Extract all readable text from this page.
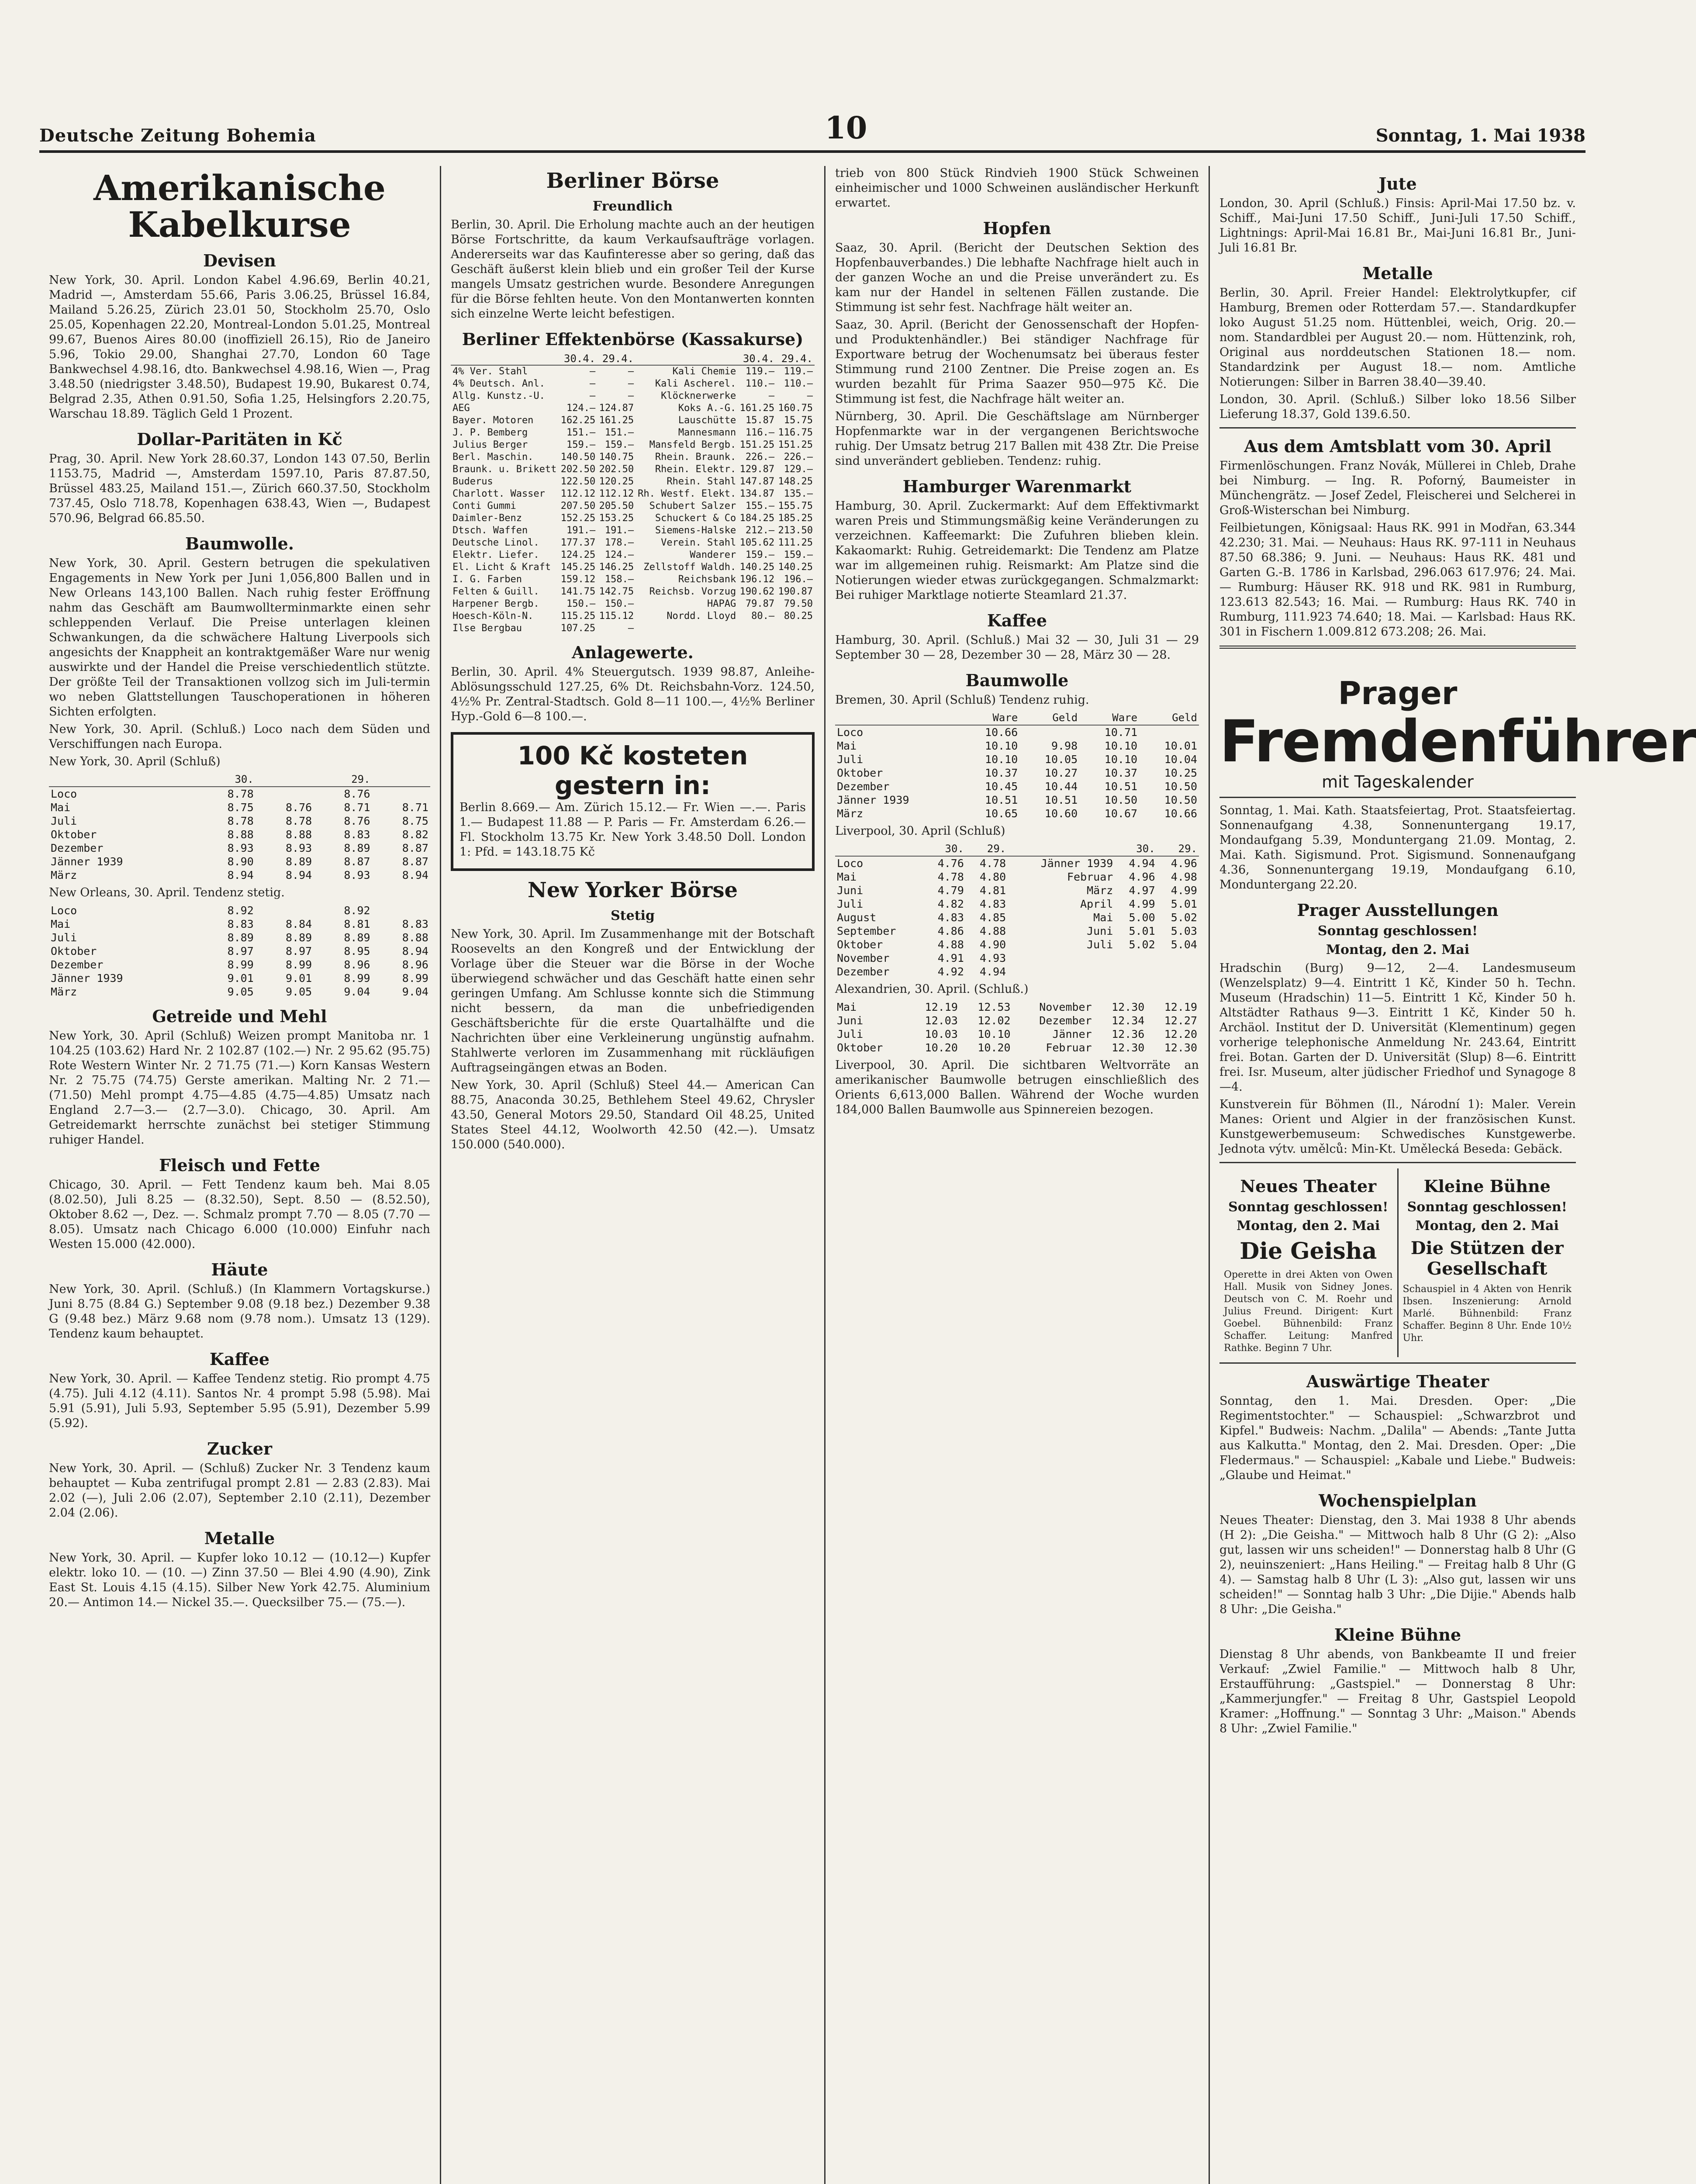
Deutsche Zeitung Bohemia	10	Sonntag, 1. Mai 1938
Amerikanische Kabelkurse
Devisen

New York, 30. April. London Kabel 4.96.69, Berlin 40.21, Madrid —, Amsterdam 55.66, Paris 3.06.25, Brüssel 16.84, Mailand 5.26.25, Zürich 23.01 50, Stockholm 25.70, Oslo 25.05, Kopenhagen 22.20, Montreal-London 5.01.25, Montreal 99.67, Buenos Aires 80.00 (inoffiziell 26.15), Rio de Janeiro 5.96, Tokio 29.00, Shanghai 27.70, London 60 Tage Bankwechsel 4.98.16, dto. Bankwechsel 4.98.16, Wien —, Prag 3.48.50 (niedrigster 3.48.50), Budapest 19.90, Bukarest 0.74, Belgrad 2.35, Athen 0.91.50, Sofia 1.25, Helsingfors 2.20.75, Warschau 18.89. Täglich Geld 1 Prozent.

Dollar-Paritäten in Kč

Prag, 30. April. New York 28.60.37, London 143 07.50, Berlin 1153.75, Madrid —, Amsterdam 1597.10, Paris 87.87.50, Brüssel 483.25, Mailand 151.—, Zürich 660.37.50, Stockholm 737.45, Oslo 718.78, Kopenhagen 638.43, Wien —, Budapest 570.96, Belgrad 66.85.50.

Baumwolle.

New York, 30. April. Gestern betrugen die spekulativen Engagements in New York per Juni 1,056,800 Ballen und in New Orleans 143,100 Ballen. Nach ruhig fester Eröffnung nahm das Geschäft am Baumwollterminmarkte einen sehr schleppenden Verlauf. Die Preise unterlagen kleinen Schwankungen, da die schwächere Haltung Liverpools sich angesichts der Knappheit an kontraktgemäßer Ware nur wenig auswirkte und der Handel die Preise verschiedentlich stützte. Der größte Teil der Transaktionen vollzog sich im Juli-termin wo neben Glattstellungen Tauschoperationen in höheren Sichten erfolgten.

New York, 30. April. (Schluß.) Loco nach dem Süden und Verschiffungen nach Europa.

New York, 30. April (Schluß)

	30.		29.	
Loco	8.78		8.76	
Mai	8.75	8.76	8.71	8.71
Juli	8.78	8.78	8.76	8.75
Oktober	8.88	8.88	8.83	8.82
Dezember	8.93	8.93	8.89	8.87
Jänner 1939	8.90	8.89	8.87	8.87
März	8.94	8.94	8.93	8.94

New Orleans, 30. April. Tendenz stetig.

Loco	8.92		8.92	
Mai	8.83	8.84	8.81	8.83
Juli	8.89	8.89	8.89	8.88
Oktober	8.97	8.97	8.95	8.94
Dezember	8.99	8.99	8.96	8.96
Jänner 1939	9.01	9.01	8.99	8.99
März	9.05	9.05	9.04	9.04
Getreide und Mehl

New York, 30. April (Schluß) Weizen prompt Manitoba nr. 1 104.25 (103.62) Hard Nr. 2 102.87 (102.—) Nr. 2 95.62 (95.75) Rote Western Winter Nr. 2 71.75 (71.—) Korn Kansas Western Nr. 2 75.75 (74.75) Gerste amerikan. Malting Nr. 2 71.— (71.50) Mehl prompt 4.75—4.85 (4.75—4.85) Umsatz nach England 2.7—3.— (2.7—3.0). Chicago, 30. April. Am Getreidemarkt herrschte zunächst bei stetiger Stimmung ruhiger Handel.

Fleisch und Fette

Chicago, 30. April. — Fett Tendenz kaum beh. Mai 8.05 (8.02.50), Juli 8.25 — (8.32.50), Sept. 8.50 — (8.52.50), Oktober 8.62 —, Dez. —. Schmalz prompt 7.70 — 8.05 (7.70 — 8.05). Umsatz nach Chicago 6.000 (10.000) Einfuhr nach Westen 15.000 (42.000).

Häute

New York, 30. April. (Schluß.) (In Klammern Vortagskurse.) Juni 8.75 (8.84 G.) September 9.08 (9.18 bez.) Dezember 9.38 G (9.48 bez.) März 9.68 nom (9.78 nom.). Umsatz 13 (129). Tendenz kaum behauptet.

Kaffee

New York, 30. April. — Kaffee Tendenz stetig. Rio prompt 4.75 (4.75). Juli 4.12 (4.11). Santos Nr. 4 prompt 5.98 (5.98). Mai 5.91 (5.91), Juli 5.93, September 5.95 (5.91), Dezember 5.99 (5.92).

Zucker

New York, 30. April. — (Schluß) Zucker Nr. 3 Tendenz kaum behauptet — Kuba zentrifugal prompt 2.81 — 2.83 (2.83). Mai 2.02 (—), Juli 2.06 (2.07), September 2.10 (2.11), Dezember 2.04 (2.06).

Metalle

New York, 30. April. — Kupfer loko 10.12 — (10.12—) Kupfer elektr. loko 10. — (10. —) Zinn 37.50 — Blei 4.90 (4.90), Zink East St. Louis 4.15 (4.15). Silber New York 42.75. Aluminium 20.— Antimon 14.— Nickel 35.—. Quecksilber 75.— (75.—).

Berliner Börse
Freundlich

Berlin, 30. April. Die Erholung machte auch an der heutigen Börse Fortschritte, da kaum Verkaufsaufträge vorlagen. Andererseits war das Kaufinteresse aber so gering, daß das Geschäft äußerst klein blieb und ein großer Teil der Kurse mangels Umsatz gestrichen wurde. Besondere Anregungen für die Börse fehlten heute. Von den Montanwerten konnten sich einzelne Werte leicht befestigen.

Berliner Effektenbörse (Kassakurse)
	30.4.	29.4.		30.4.	29.4.
4% Ver. Stahl	—	—	Kali Chemie	119.—	119.—
4% Deutsch. Anl.	—	—	Kali Ascherel.	110.—	110.—
Allg. Kunstz.-U.	—	—	Klöcknerwerke	—	—
AEG	124.—	124.87	Koks A.-G.	161.25	160.75
Bayer. Motoren	162.25	161.25	Lauschütte	15.87	15.75
J. P. Bemberg	151.—	151.—	Mannesmann	116.—	116.75
Julius Berger	159.—	159.—	Mansfeld Bergb.	151.25	151.25
Berl. Maschin.	140.50	140.75	Rhein. Braunk.	226.—	226.—
Braunk. u. Brikett	202.50	202.50	Rhein. Elektr.	129.87	129.—
Buderus	122.50	120.25	Rhein. Stahl	147.87	148.25
Charlott. Wasser	112.12	112.12	Rh. Westf. Elekt.	134.87	135.—
Conti Gummi	207.50	205.50	Schubert Salzer	155.—	155.75
Daimler-Benz	152.25	153.25	Schuckert & Co	184.25	185.25
Dtsch. Waffen	191.—	191.—	Siemens-Halske	212.—	213.50
Deutsche Linol.	177.37	178.—	Verein. Stahl	105.62	111.25
Elektr. Liefer.	124.25	124.—	Wanderer	159.—	159.—
El. Licht & Kraft	145.25	146.25	Zellstoff Waldh.	140.25	140.25
I. G. Farben	159.12	158.—	Reichsbank	196.12	196.—
Felten & Guill.	141.75	142.75	Reichsb. Vorzug	190.62	190.87
Harpener Bergb.	150.—	150.—	HAPAG	79.87	79.50
Hoesch-Köln-N.	115.25	115.12	Nordd. Lloyd	80.—	80.25
Ilse Bergbau	107.25	—			
Anlagewerte.

Berlin, 30. April. 4% Steuergutsch. 1939 98.87, Anleihe-Ablösungsschuld 127.25, 6% Dt. Reichsbahn-Vorz. 124.50, 4½% Pr. Zentral-Stadtsch. Gold 8—11 100.—, 4½% Berliner Hyp.-Gold 6—8 100.—.

100 Kč kosteten gestern in:

Berlin 8.669.— Am. Zürich 15.12.— Fr. Wien —.—. Paris 1.— Budapest 11.88 — P. Paris — Fr. Amsterdam 6.26.— Fl. Stockholm 13.75 Kr. New York 3.48.50 Doll. London 1: Pfd. = 143.18.75 Kč

New Yorker Börse
Stetig

New York, 30. April. Im Zusammenhange mit der Botschaft Roosevelts an den Kongreß und der Entwicklung der Vorlage über die Steuer war die Börse in der Woche überwiegend schwächer und das Geschäft hatte einen sehr geringen Umfang. Am Schlusse konnte sich die Stimmung nicht bessern, da man die unbefriedigenden Geschäftsberichte für die erste Quartalhälfte und die Nachrichten über eine Verkleinerung ungünstig aufnahm. Stahlwerte verloren im Zusammenhang mit rückläufigen Auftragseingängen etwas an Boden.

New York, 30. April (Schluß) Steel 44.— American Can 88.75, Anaconda 30.25, Bethlehem Steel 49.62, Chrysler 43.50, General Motors 29.50, Standard Oil 48.25, United States Steel 44.12, Woolworth 42.50 (42.—). Umsatz 150.000 (540.000).

trieb von 800 Stück Rindvieh 1900 Stück Schweinen einheimischer und 1000 Schweinen ausländischer Herkunft erwartet.

Hopfen

Saaz, 30. April. (Bericht der Deutschen Sektion des Hopfenbauverbandes.) Die lebhafte Nachfrage hielt auch in der ganzen Woche an und die Preise unverändert zu. Es kam nur der Handel in seltenen Fällen zustande. Die Stimmung ist sehr fest. Nachfrage hält weiter an.

Saaz, 30. April. (Bericht der Genossenschaft der Hopfen- und Produktenhändler.) Bei ständiger Nachfrage für Exportware betrug der Wochenumsatz bei überaus fester Stimmung rund 2100 Zentner. Die Preise zogen an. Es wurden bezahlt für Prima Saazer 950—975 Kč. Die Stimmung ist fest, die Nachfrage hält weiter an.

Nürnberg, 30. April. Die Geschäftslage am Nürnberger Hopfenmarkte war in der vergangenen Berichtswoche ruhig. Der Umsatz betrug 217 Ballen mit 438 Ztr. Die Preise sind unverändert geblieben. Tendenz: ruhig.

Hamburger Warenmarkt

Hamburg, 30. April. Zuckermarkt: Auf dem Effektivmarkt waren Preis und Stimmungsmäßig keine Veränderungen zu verzeichnen. Kaffeemarkt: Die Zufuhren blieben klein. Kakaomarkt: Ruhig. Getreidemarkt: Die Tendenz am Platze war im allgemeinen ruhig. Reismarkt: Am Platze sind die Notierungen wieder etwas zurückgegangen. Schmalzmarkt: Bei ruhiger Marktlage notierte Steamlard 21.37.

Kaffee

Hamburg, 30. April. (Schluß.) Mai 32 — 30, Juli 31 — 29 September 30 — 28, Dezember 30 — 28, März 30 — 28.

Baumwolle

Bremen, 30. April (Schluß) Tendenz ruhig.

	Ware	Geld	Ware	Geld
Loco	10.66		10.71	
Mai	10.10	9.98	10.10	10.01
Juli	10.10	10.05	10.10	10.04
Oktober	10.37	10.27	10.37	10.25
Dezember	10.45	10.44	10.51	10.50
Jänner 1939	10.51	10.51	10.50	10.50
März	10.65	10.60	10.67	10.66

Liverpool, 30. April (Schluß)

	30.	29.		30.	29.
Loco	4.76	4.78	Jänner 1939	4.94	4.96
Mai	4.78	4.80	Februar	4.96	4.98
Juni	4.79	4.81	März	4.97	4.99
Juli	4.82	4.83	April	4.99	5.01
August	4.83	4.85	Mai	5.00	5.02
September	4.86	4.88	Juni	5.01	5.03
Oktober	4.88	4.90	Juli	5.02	5.04
November	4.91	4.93			
Dezember	4.92	4.94			

Alexandrien, 30. April. (Schluß.)

Mai	12.19	12.53	November	12.30	12.19
Juni	12.03	12.02	Dezember	12.34	12.27
Juli	10.03	10.10	Jänner	12.36	12.20
Oktober	10.20	10.20	Februar	12.30	12.30

Liverpool, 30. April. Die sichtbaren Weltvorräte an amerikanischer Baumwolle betrugen einschließlich des Orients 6,613,000 Ballen. Während der Woche wurden 184,000 Ballen Baumwolle aus Spinnereien bezogen.

Jute

London, 30. April (Schluß.) Finsis: April-Mai 17.50 bz. v. Schiff., Mai-Juni 17.50 Schiff., Juni-Juli 17.50 Schiff., Lightnings: April-Mai 16.81 Br., Mai-Juni 16.81 Br., Juni-Juli 16.81 Br.

Metalle

Berlin, 30. April. Freier Handel: Elektrolytkupfer, cif Hamburg, Bremen oder Rotterdam 57.—. Standardkupfer loko August 51.25 nom. Hüttenblei, weich, Orig. 20.— nom. Standardblei per August 20.— nom. Hüttenzink, roh, Original aus norddeutschen Stationen 18.— nom. Standardzink per August 18.— nom. Amtliche Notierungen: Silber in Barren 38.40—39.40.

London, 30. April. (Schluß.) Silber loko 18.56 Silber Lieferung 18.37, Gold 139.6.50.

Aus dem Amtsblatt vom 30. April

Firmenlöschungen. Franz Novák, Müllerei in Chleb, Drahe bei Nimburg. — Ing. R. Poforný, Baumeister in Münchengrätz. — Josef Zedel, Fleischerei und Selcherei in Groß-Wisterschan bei Nimburg.

Feilbietungen, Königsaal: Haus RK. 991 in Modřan, 63.344 42.230; 31. Mai. — Neuhaus: Haus RK. 97-111 in Neuhaus 87.50 68.386; 9. Juni. — Neuhaus: Haus RK. 481 und Garten G.-B. 1786 in Karlsbad, 296.063 617.976; 24. Mai. — Rumburg: Häuser RK. 918 und RK. 981 in Rumburg, 123.613 82.543; 16. Mai. — Rumburg: Haus RK. 740 in Rumburg, 111.923 74.640; 18. Mai. — Karlsbad: Haus RK. 301 in Fischern 1.009.812 673.208; 26. Mai.

Prager
Fremdenführer
mit Tageskalender

Sonntag, 1. Mai. Kath. Staatsfeiertag, Prot. Staatsfeiertag. Sonnenaufgang 4.38, Sonnenuntergang 19.17, Mondaufgang 5.39, Monduntergang 21.09. Montag, 2. Mai. Kath. Sigismund. Prot. Sigismund. Sonnenaufgang 4.36, Sonnenuntergang 19.19, Mondaufgang 6.10, Monduntergang 22.20.

Prager Ausstellungen
Sonntag geschlossen!
Montag, den 2. Mai

Hradschin (Burg) 9—12, 2—4. Landesmuseum (Wenzelsplatz) 9—4. Eintritt 1 Kč, Kinder 50 h. Techn. Museum (Hradschin) 11—5. Eintritt 1 Kč, Kinder 50 h. Altstädter Rathaus 9—3. Eintritt 1 Kč, Kinder 50 h. Archäol. Institut der D. Universität (Klementinum) gegen vorherige telephonische Anmeldung Nr. 243.64, Eintritt frei. Botan. Garten der D. Universität (Slup) 8—6. Eintritt frei. Isr. Museum, alter jüdischer Friedhof und Synagoge 8—4.

Kunstverein für Böhmen (Il., Národní 1): Maler. Verein Manes: Orient und Algier in der französischen Kunst. Kunstgewerbemuseum: Schwedisches Kunstgewerbe. Jednota výtv. umělců: Min-Kt. Umělecká Beseda: Gebäck.

Neues Theater
Sonntag geschlossen!
Montag, den 2. Mai
Die Geisha

Operette in drei Akten von Owen Hall. Musik von Sidney Jones. Deutsch von C. M. Roehr und Julius Freund. Dirigent: Kurt Goebel. Bühnenbild: Franz Schaffer. Leitung: Manfred Rathke. Beginn 7 Uhr.

Kleine Bühne
Sonntag geschlossen!
Montag, den 2. Mai
Die Stützen der Gesellschaft

Schauspiel in 4 Akten von Henrik Ibsen. Inszenierung: Arnold Marlé. Bühnenbild: Franz Schaffer. Beginn 8 Uhr. Ende 10½ Uhr.

Auswärtige Theater

Sonntag, den 1. Mai. Dresden. Oper: „Die Regimentstochter." — Schauspiel: „Schwarzbrot und Kipfel." Budweis: Nachm. „Dalila" — Abends: „Tante Jutta aus Kalkutta." Montag, den 2. Mai. Dresden. Oper: „Die Fledermaus." — Schauspiel: „Kabale und Liebe." Budweis: „Glaube und Heimat."

Wochenspielplan

Neues Theater: Dienstag, den 3. Mai 1938 8 Uhr abends (H 2): „Die Geisha." — Mittwoch halb 8 Uhr (G 2): „Also gut, lassen wir uns scheiden!" — Donnerstag halb 8 Uhr (G 2), neuinszeniert: „Hans Heiling." — Freitag halb 8 Uhr (G 4). — Samstag halb 8 Uhr (L 3): „Also gut, lassen wir uns scheiden!" — Sonntag halb 3 Uhr: „Die Dijie." Abends halb 8 Uhr: „Die Geisha."

Kleine Bühne

Dienstag 8 Uhr abends, von Bankbeamte II und freier Verkauf: „Zwiel Familie." — Mittwoch halb 8 Uhr, Erstaufführung: „Gastspiel." — Donnerstag 8 Uhr: „Kammerjungfer." — Freitag 8 Uhr, Gastspiel Leopold Kramer: „Hoffnung." — Sonntag 3 Uhr: „Maison." Abends 8 Uhr: „Zwiel Familie."
